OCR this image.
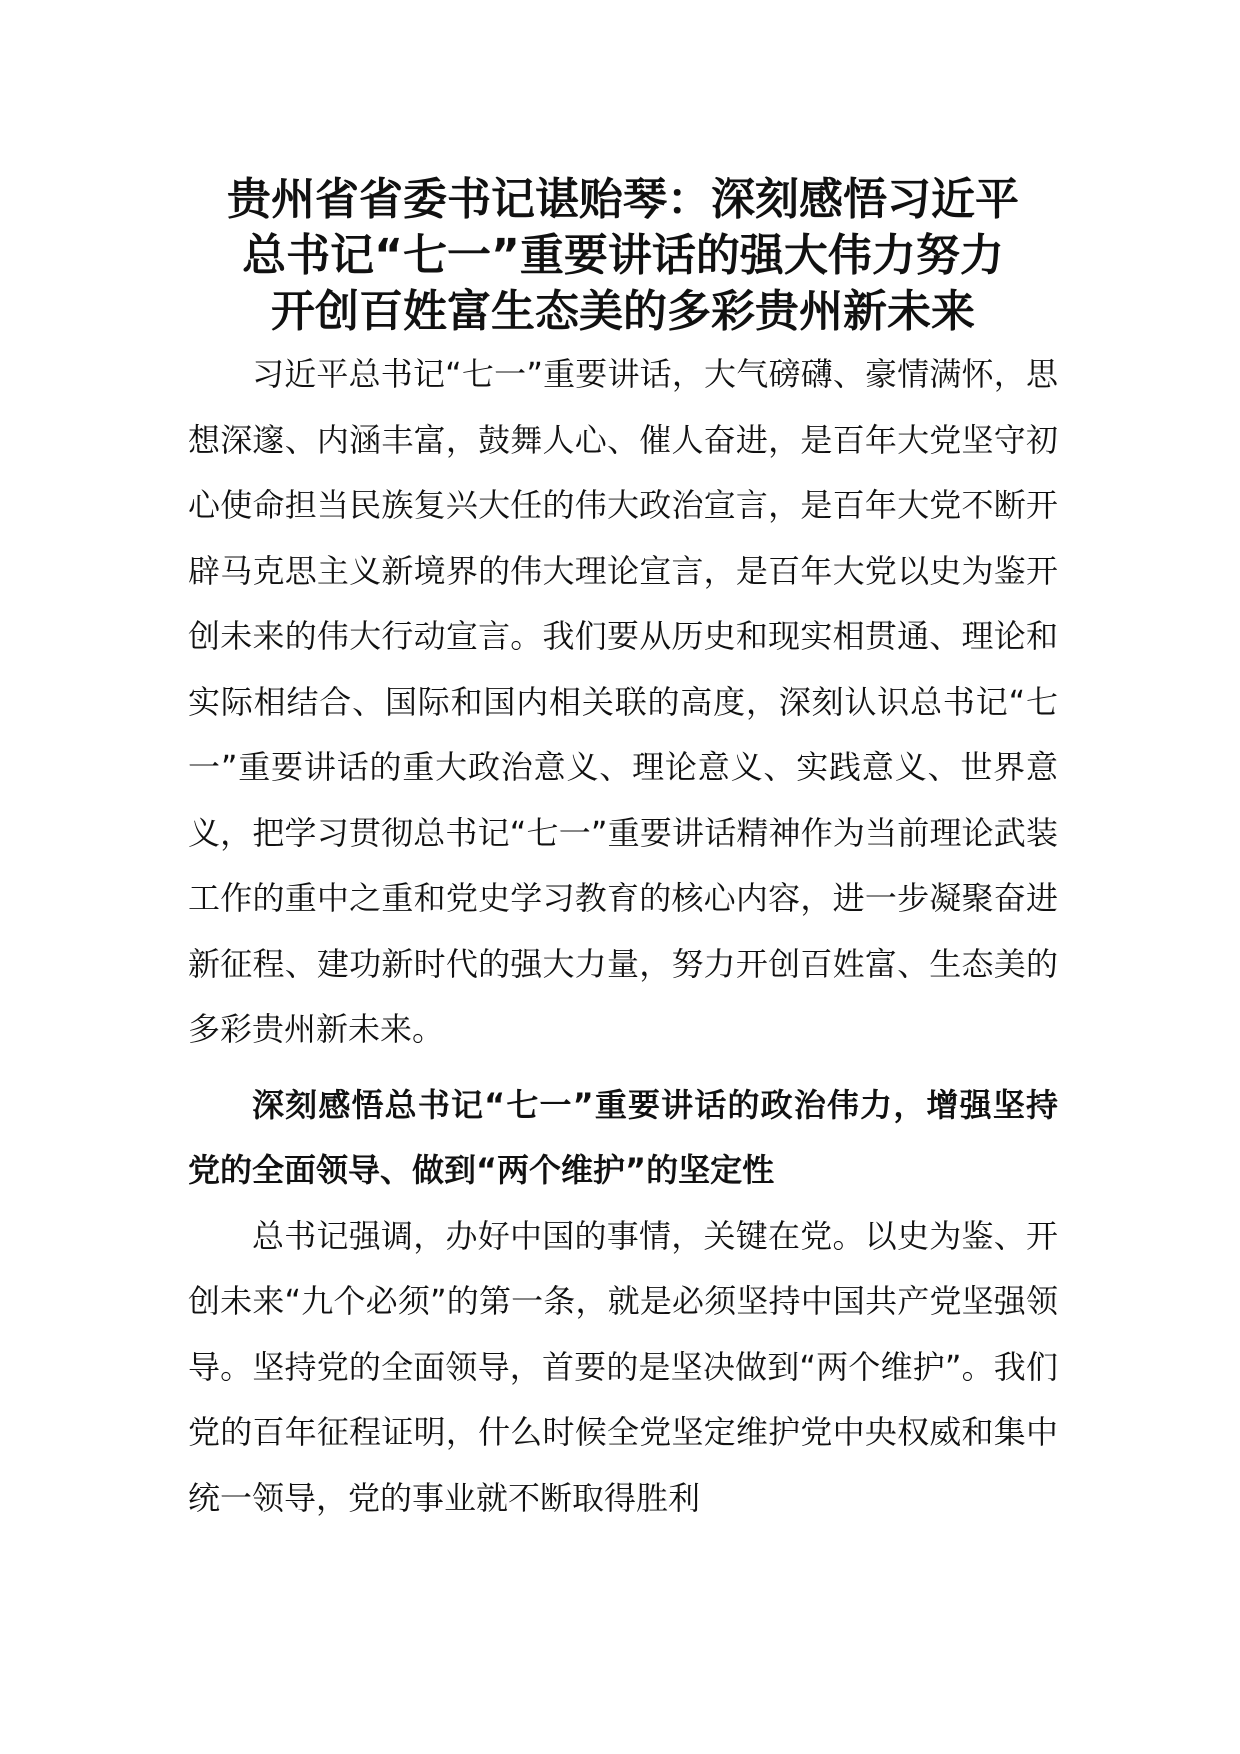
贵州省省委书记谌贻琴：深刻感悟习近平
总书记“七一”重要讲话的强大伟力努力
开创百姓富生态美的多彩贵州新未来

习近平总书记“七一”重要讲话，大气磅礴、豪情满怀，思想深邃、内涵丰富，鼓舞人心、催人奋进，是百年大党坚守初心使命担当民族复兴大任的伟大政治宣言，是百年大党不断开辟马克思主义新境界的伟大理论宣言，是百年大党以史为鉴开创未来的伟大行动宣言。我们要从历史和现实相贯通、理论和实际相结合、国际和国内相关联的高度，深刻认识总书记“七一”重要讲话的重大政治意义、理论意义、实践意义、世界意义，把学习贯彻总书记“七一”重要讲话精神作为当前理论武装工作的重中之重和党史学习教育的核心内容，进一步凝聚奋进新征程、建功新时代的强大力量，努力开创百姓富、生态美的多彩贵州新未来。

深刻感悟总书记“七一”重要讲话的政治伟力，增强坚持党的全面领导、做到“两个维护”的坚定性

总书记强调，办好中国的事情，关键在党。以史为鉴、开创未来“九个必须”的第一条，就是必须坚持中国共产党坚强领导。坚持党的全面领导，首要的是坚决做到“两个维护”。我们党的百年征程证明，什么时候全党坚定维护党中央权威和集中统一领导，党的事业就不断取得胜利
